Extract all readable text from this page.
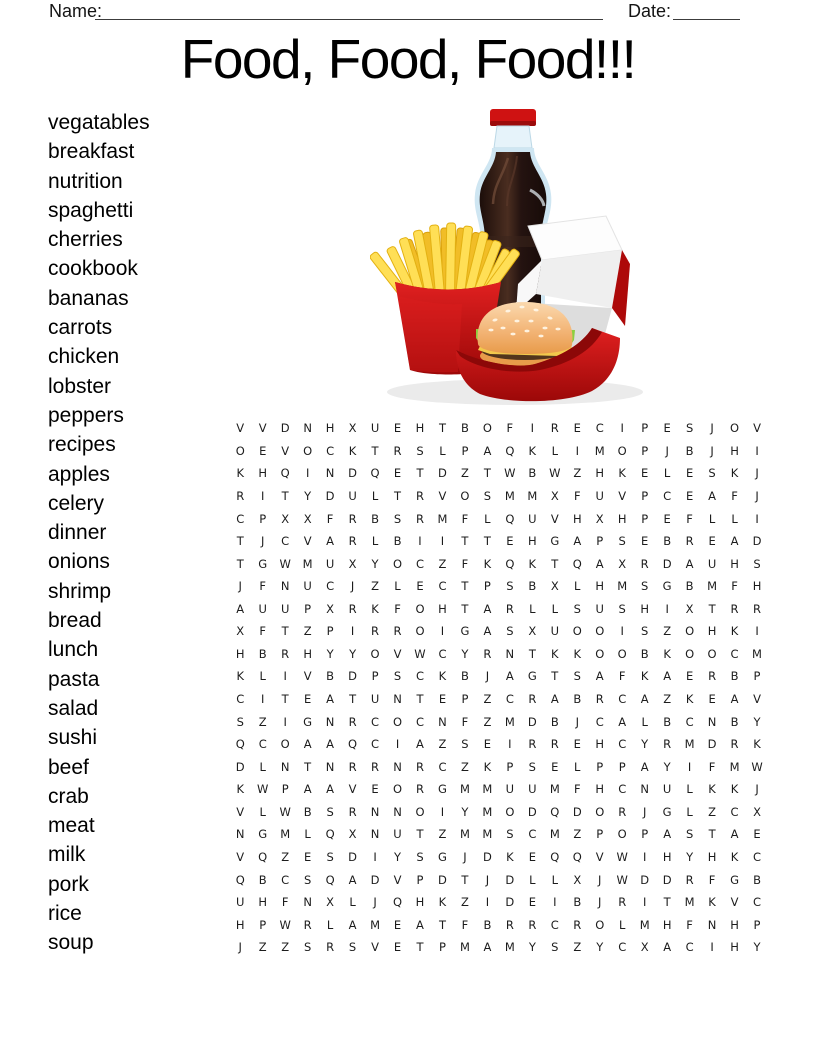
Name:	Date:
Food, Food, Food!!!
vegatables
breakfast
nutrition
spaghetti
cherries
cookbook
bananas
carrots
chicken
lobster
peppers
recipes
apples
celery
dinner
onions
shrimp
bread
lunch
pasta
salad
sushi
beef
crab
meat
milk
pork
rice
soup
V	V	D	N	H	X	U	E	H	T	B	O	F	I	R	E	C	I	P	E	S	J	O	V
O	E	V	O	C	K	T	R	S	L	P	A	Q	K	L	I	M	O	P	J	B	J	H	I
K	H	Q	I	N	D	Q	E	T	D	Z	T	W	B	W	Z	H	K	E	L	E	S	K	J
R	I	T	Y	D	U	L	T	R	V	O	S	M	M	X	F	U	V	P	C	E	A	F	J
C	P	X	X	F	R	B	S	R	M	F	L	Q	U	V	H	X	H	P	E	F	L	L	I
T	J	C	V	A	R	L	B	I	I	T	T	E	H	G	A	P	S	E	B	R	E	A	D
T	G	W	M	U	X	Y	O	C	Z	F	K	Q	K	T	Q	A	X	R	D	A	U	H	S
J	F	N	U	C	J	Z	L	E	C	T	P	S	B	X	L	H	M	S	G	B	M	F	H
A	U	U	P	X	R	K	F	O	H	T	A	R	L	L	S	U	S	H	I	X	T	R	R
X	F	T	Z	P	I	R	R	O	I	G	A	S	X	U	O	O	I	S	Z	O	H	K	I
H	B	R	H	Y	Y	O	V	W	C	Y	R	N	T	K	K	O	O	B	K	O	O	C	M
K	L	I	V	B	D	P	S	C	K	B	J	A	G	T	S	A	F	K	A	E	R	B	P
C	I	T	E	A	T	U	N	T	E	P	Z	C	R	A	B	R	C	A	Z	K	E	A	V
S	Z	I	G	N	R	C	O	C	N	F	Z	M	D	B	J	C	A	L	B	C	N	B	Y
Q	C	O	A	A	Q	C	I	A	Z	S	E	I	R	R	E	H	C	Y	R	M	D	R	K
D	L	N	T	N	R	R	N	R	C	Z	K	P	S	E	L	P	P	A	Y	I	F	M	W
K	W	P	A	A	V	E	O	R	G	M	M	U	U	M	F	H	C	N	U	L	K	K	J
V	L	W	B	S	R	N	N	O	I	Y	M	O	D	Q	D	O	R	J	G	L	Z	C	X
N	G	M	L	Q	X	N	U	T	Z	M	M	S	C	M	Z	P	O	P	A	S	T	A	E
V	Q	Z	E	S	D	I	Y	S	G	J	D	K	E	Q	Q	V	W	I	H	Y	H	K	C
Q	B	C	S	Q	A	D	V	P	D	T	J	D	L	L	X	J	W	D	D	R	F	G	B
U	H	F	N	X	L	J	Q	H	K	Z	I	D	E	I	B	J	R	I	T	M	K	V	C
H	P	W	R	L	A	M	E	A	T	F	B	R	R	C	R	O	L	M	H	F	N	H	P
J	Z	Z	S	R	S	V	E	T	P	M	A	M	Y	S	Z	Y	C	X	A	C	I	H	Y
